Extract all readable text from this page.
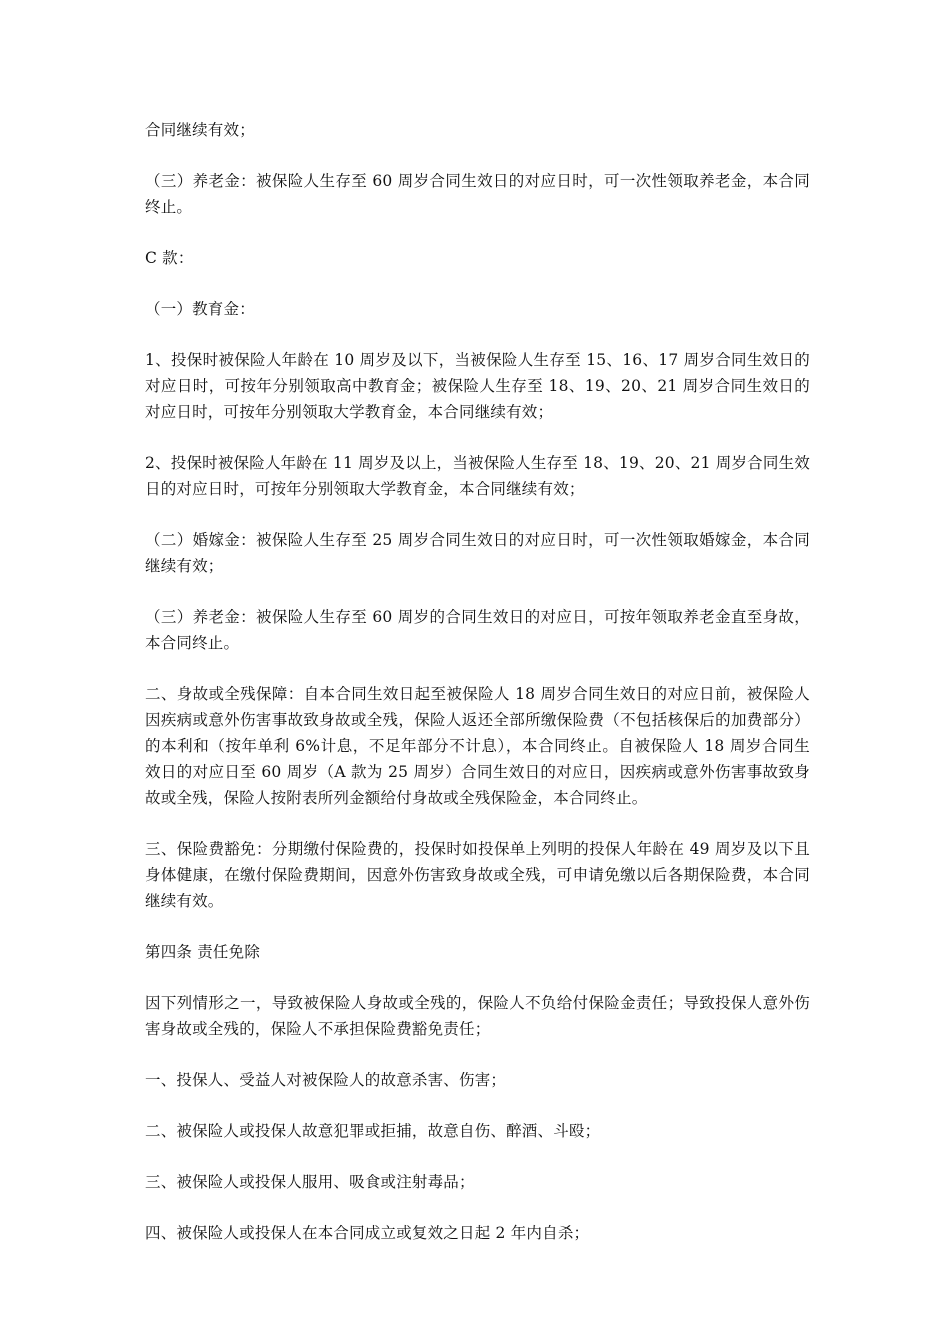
合同继续有效；

（三）养老金：被保险人生存至 60 周岁合同生效日的对应日时，可一次性领取养老金，本合同终止。

C 款：

（一）教育金：

1、投保时被保险人年龄在 10 周岁及以下，当被保险人生存至 15、16、17 周岁合同生效日的对应日时，可按年分别领取高中教育金；被保险人生存至 18、19、20、21 周岁合同生效日的对应日时，可按年分别领取大学教育金，本合同继续有效；

2、投保时被保险人年龄在 11 周岁及以上，当被保险人生存至 18、19、20、21 周岁合同生效日的对应日时，可按年分别领取大学教育金，本合同继续有效；

（二）婚嫁金：被保险人生存至 25 周岁合同生效日的对应日时，可一次性领取婚嫁金，本合同继续有效；

（三）养老金：被保险人生存至 60 周岁的合同生效日的对应日，可按年领取养老金直至身故，本合同终止。

二、身故或全残保障：自本合同生效日起至被保险人 18 周岁合同生效日的对应日前，被保险人因疾病或意外伤害事故致身故或全残，保险人返还全部所缴保险费（不包括核保后的加费部分）的本利和（按年单利 6%计息，不足年部分不计息），本合同终止。自被保险人 18 周岁合同生效日的对应日至 60 周岁（A 款为 25 周岁）合同生效日的对应日，因疾病或意外伤害事故致身故或全残，保险人按附表所列金额给付身故或全残保险金，本合同终止。

三、保险费豁免：分期缴付保险费的，投保时如投保单上列明的投保人年龄在 49 周岁及以下且身体健康，在缴付保险费期间，因意外伤害致身故或全残，可申请免缴以后各期保险费，本合同继续有效。

第四条 责任免除

因下列情形之一，导致被保险人身故或全残的，保险人不负给付保险金责任；导致投保人意外伤害身故或全残的，保险人不承担保险费豁免责任；

一、投保人、受益人对被保险人的故意杀害、伤害；

二、被保险人或投保人故意犯罪或拒捕，故意自伤、醉酒、斗殴；

三、被保险人或投保人服用、吸食或注射毒品；

四、被保险人或投保人在本合同成立或复效之日起 2 年内自杀；
